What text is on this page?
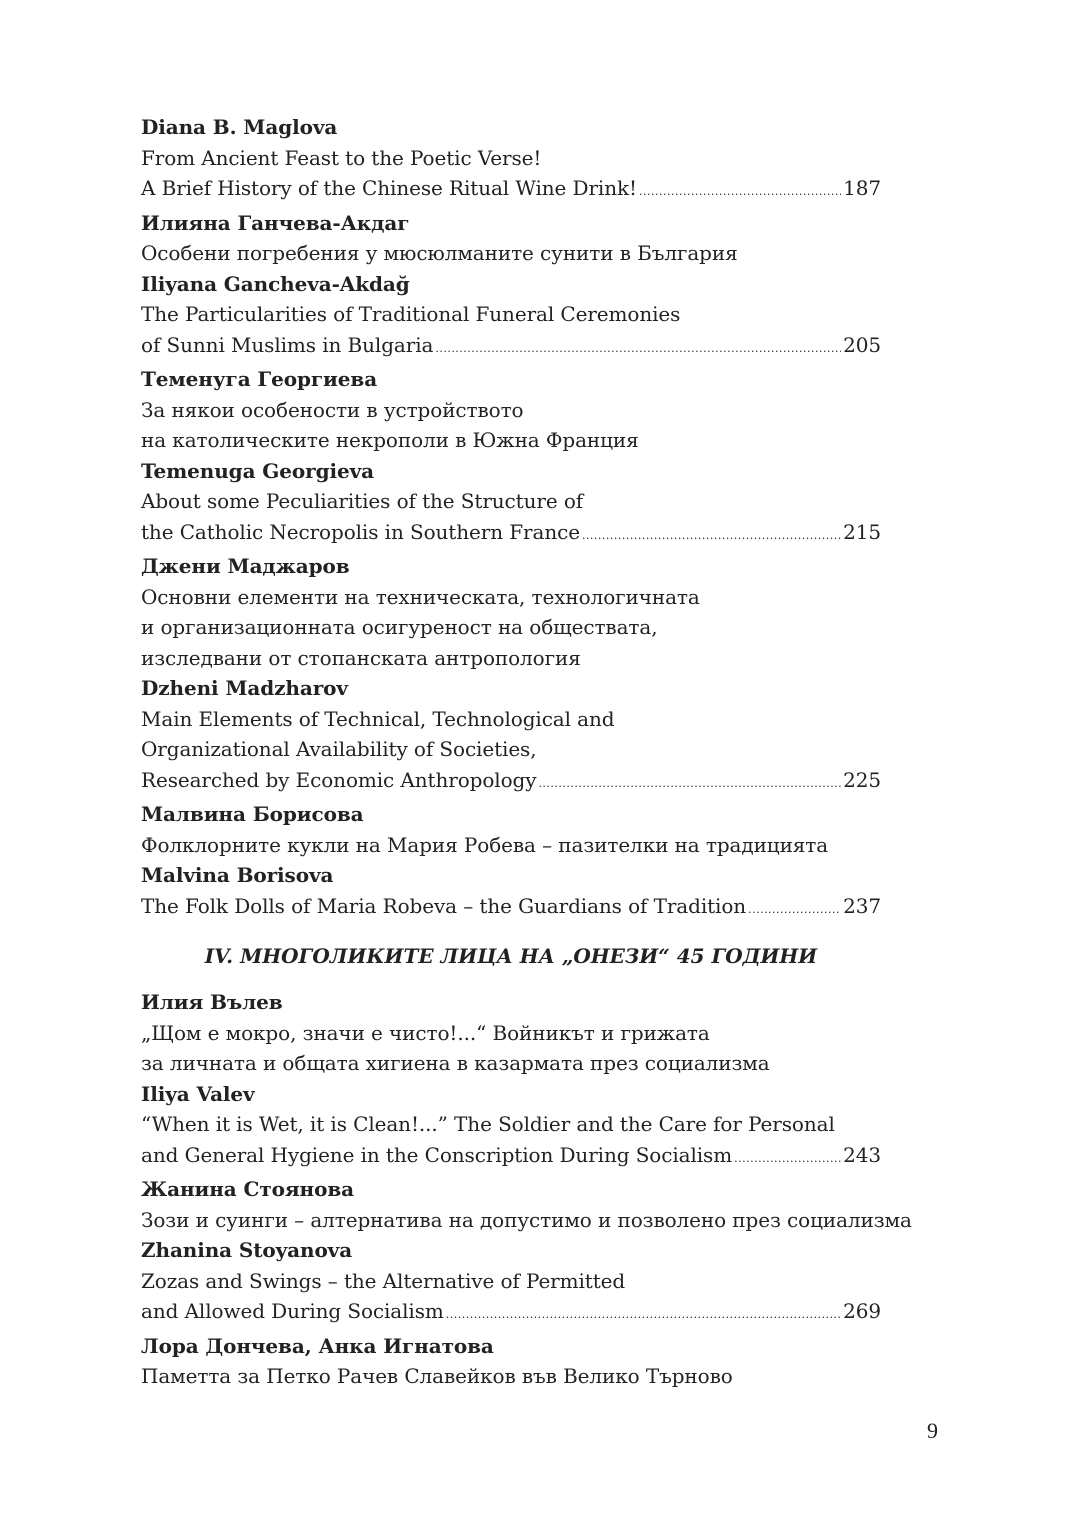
Diana B. Maglova
From Ancient Feast to the Poetic Verse!
A Brief History of the Chinese Ritual Wine Drink! .....	187
Илияна Ганчева-Акдаг
Особени погребения у мюсюлманите сунити в България
Iliyana Gancheva-Akdağ
The Particularities of Traditional Funeral Ceremonies
of Sunni Muslims in Bulgaria .....	205
Теменуга Георгиева
За някои особености в устройството
на католическите некрополи в Южна Франция
Temenuga Georgieva
About some Peculiarities of the Structure of
the Catholic Necropolis in Southern France .....	215
Джени Маджаров
Основни елементи на техническата, технологичната
и организационната осигуреност на обществата,
изследвани от стопанската антропология
Dzheni Madzharov
Main Elements of Technical, Technological and
Organizational Availability of Societies,
Researched by Economic Anthropology .....	225
Малвина Борисова
Фолклорните кукли на Мария Робева – пазителки на традицията
Malvina Borisova
The Folk Dolls of Maria Robeva – the Guardians of Tradition .....	237
IV. МНОГОЛИКИТЕ ЛИЦА НА „ОНЕЗИ“ 45 ГОДИНИ
Илия Вълев
„Щом е мокро, значи е чисто!...“ Войникът и грижата
за личната и общата хигиена в казармата през социализма
Iliya Valev
“When it is Wet, it is Clean!...” The Soldier and the Care for Personal
and General Hygiene in the Conscription During Socialism .....	243
Жанина Стоянова
Зози и суинги – алтернатива на допустимо и позволено през социализма
Zhanina Stoyanova
Zozas and Swings – the Alternative of Permitted
and Allowed During Socialism .....	269
Лора Дончева, Анка Игнатова
Паметта за Петко Рачев Славейков във Велико Търново
9
